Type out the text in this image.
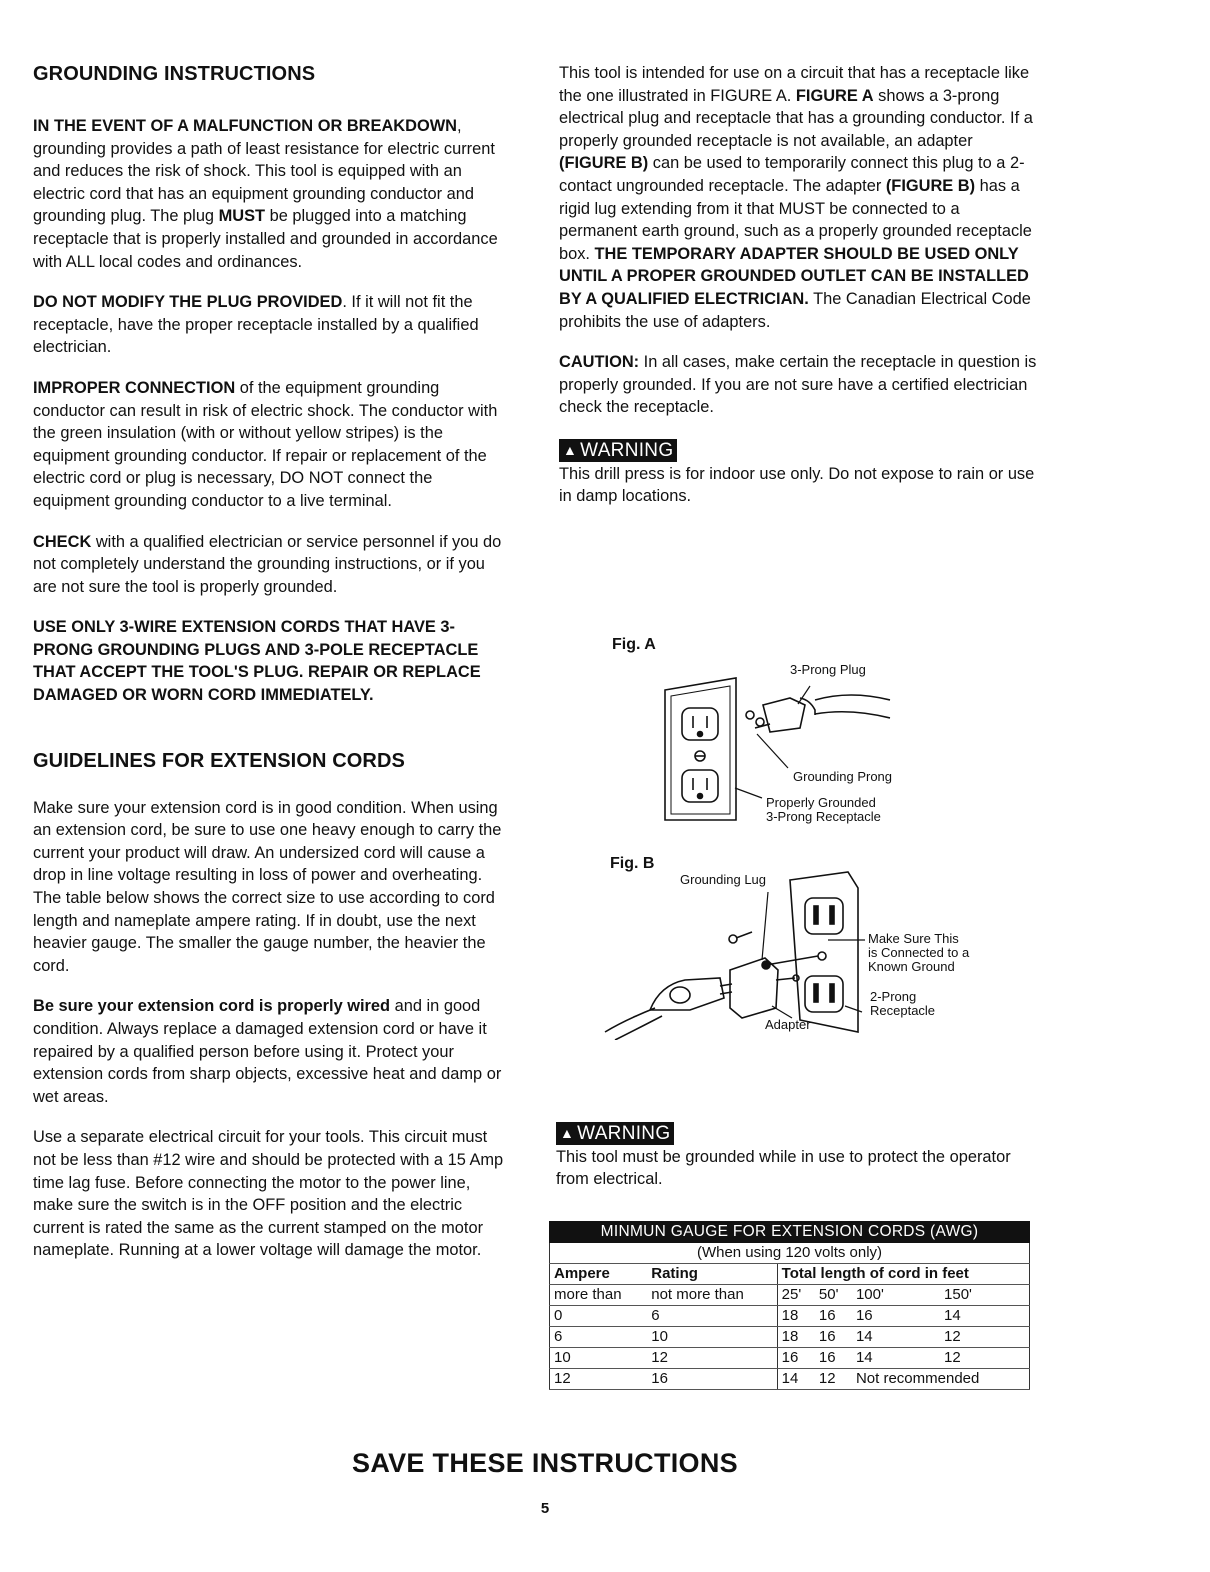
GROUNDING INSTRUCTIONS

IN THE EVENT OF A MALFUNCTION OR BREAKDOWN, grounding provides a path of least resistance for electric current and reduces the risk of shock. This tool is equipped with an electric cord that has an equipment grounding conductor and grounding plug. The plug MUST be plugged into a matching receptacle that is properly installed and grounded in accordance with ALL local codes and ordinances.

DO NOT MODIFY THE PLUG PROVIDED. If it will not fit the receptacle, have the proper receptacle installed by a qualified electrician.

IMPROPER CONNECTION of the equipment grounding conductor can result in risk of electric shock. The conductor with the green insulation (with or without yellow stripes) is the equipment grounding conductor. If repair or replacement of the electric cord or plug is necessary, DO NOT connect the equipment grounding conductor to a live terminal.

CHECK with a qualified electrician or service personnel if you do not completely understand the grounding instructions, or if you are not sure the tool is properly grounded.

USE ONLY 3-WIRE EXTENSION CORDS THAT HAVE 3-PRONG GROUNDING PLUGS AND 3-POLE RECEPTACLE THAT ACCEPT THE TOOL'S PLUG. REPAIR OR REPLACE DAMAGED OR WORN CORD IMMEDIATELY.

GUIDELINES FOR EXTENSION CORDS

Make sure your extension cord is in good condition. When using an extension cord, be sure to use one heavy enough to carry the current your product will draw. An undersized cord will cause a drop in line voltage resulting in loss of power and overheating. The table below shows the correct size to use according to cord length and nameplate ampere rating. If in doubt, use the next heavier gauge. The smaller the gauge number, the heavier the cord.

Be sure your extension cord is properly wired and in good condition. Always replace a damaged extension cord or have it repaired by a qualified person before using it. Protect your extension cords from sharp objects, excessive heat and damp or wet areas.

Use a separate electrical circuit for your tools. This circuit must not be less than #12 wire and should be protected with a 15 Amp time lag fuse. Before connecting the motor to the power line, make sure the switch is in the OFF position and the electric current is rated the same as the current stamped on the motor nameplate. Running at a lower voltage will damage the motor.

This tool is intended for use on a circuit that has a receptacle like the one illustrated in FIGURE A. FIGURE A shows a 3-prong electrical plug and receptacle that has a grounding conductor. If a properly grounded receptacle is not available, an adapter (FIGURE B) can be used to temporarily connect this plug to a 2-contact ungrounded receptacle. The adapter (FIGURE B) has a rigid lug extending from it that MUST be connected to a permanent earth ground, such as a properly grounded receptacle box. THE TEMPORARY ADAPTER SHOULD BE USED ONLY UNTIL A PROPER GROUNDED OUTLET CAN BE INSTALLED BY A QUALIFIED ELECTRICIAN. The Canadian Electrical Code prohibits the use of adapters.

CAUTION: In all cases, make certain the receptacle in question is properly grounded. If you are not sure have a certified electrician check the receptacle.

▲ WARNING

This drill press is for indoor use only. Do not expose to rain or use in damp locations.

Fig. A
3-Prong Plug
Grounding Prong
Properly Grounded
3-Prong Receptacle
Fig. B
Grounding Lug
Make Sure This
is Connected to a
Known Ground
2-Prong
Receptacle
Adapter
▲ WARNING

This tool must be grounded while in use to protect the operator from electrical.

MINMUN GAUGE FOR EXTENSION CORDS (AWG)					
(When using 120 volts only)					
Ampere	Rating	Total length of cord in feet			
more than	not more than	25'	50'	100'	150'
0	6	18	16	16	14
6	10	18	16	14	12
10	12	16	16	14	12
12	16	14	12	Not recommended	
SAVE THESE INSTRUCTIONS
5
